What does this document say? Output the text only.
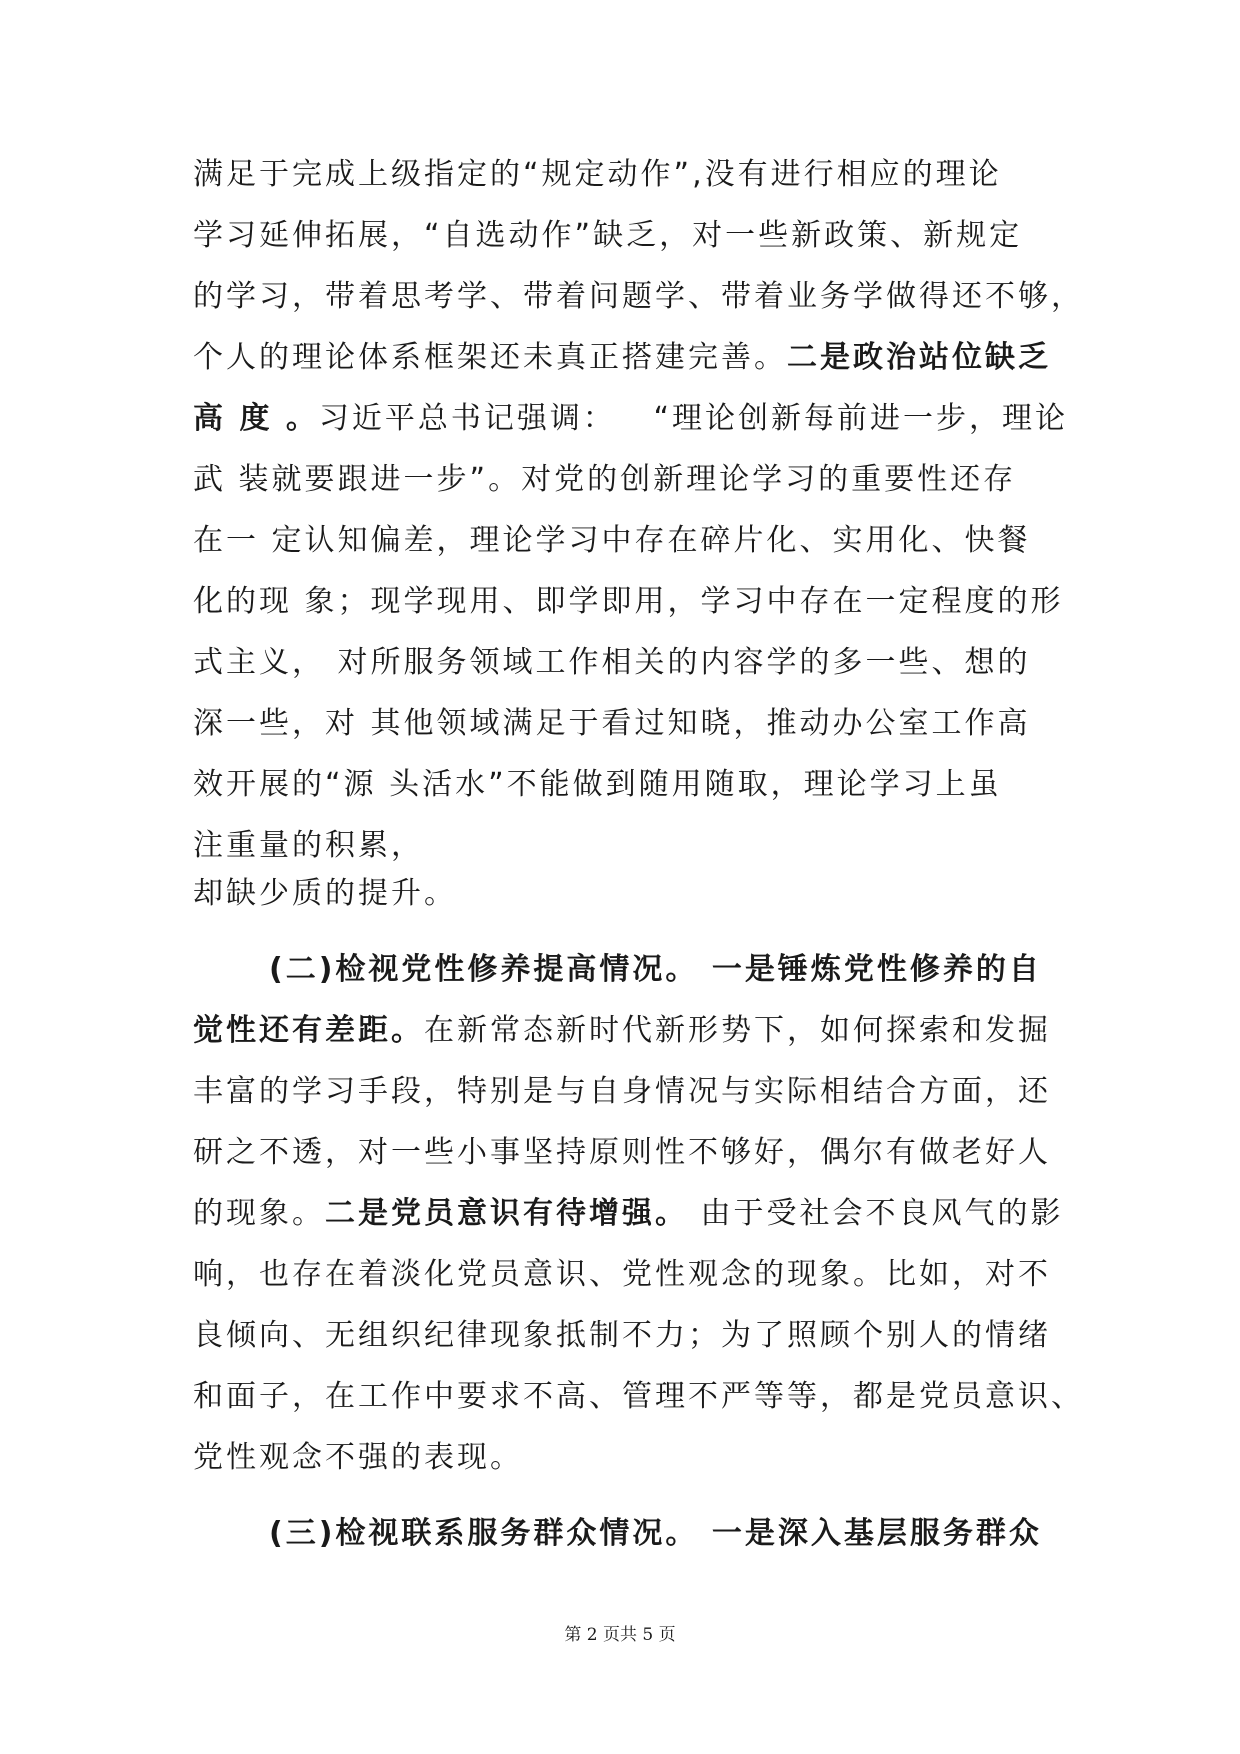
满足于完成上级指定的“规定动作”,没有进行相应的理论
学习延伸拓展，“自选动作”缺乏，对一些新政策、新规定
的学习，带着思考学、带着问题学、带着业务学做得还不够，
个人的理论体系框架还未真正搭建完善。二是政治站位缺乏
高 度 。习近平总书记强调：   “理论创新每前进一步，理论
武 装就要跟进一步”。对党的创新理论学习的重要性还存
在一 定认知偏差，理论学习中存在碎片化、实用化、快餐
化的现 象；现学现用、即学即用，学习中存在一定程度的形
式主义， 对所服务领域工作相关的内容学的多一些、想的
深一些，对 其他领域满足于看过知晓，推动办公室工作高
效开展的“源 头活水”不能做到随用随取，理论学习上虽
注重量的积累，
却缺少质的提升。
(二)检视党性修养提高情况。 一是锤炼党性修养的自
觉性还有差距。在新常态新时代新形势下，如何探索和发掘
丰富的学习手段，特别是与自身情况与实际相结合方面，还
研之不透，对一些小事坚持原则性不够好，偶尔有做老好人
的现象。二是党员意识有待增强。 由于受社会不良风气的影
响，也存在着淡化党员意识、党性观念的现象。比如，对不
良倾向、无组织纪律现象抵制不力；为了照顾个别人的情绪
和面子，在工作中要求不高、管理不严等等，都是党员意识、
党性观念不强的表现。
(三)检视联系服务群众情况。 一是深入基层服务群众
第 2 页共 5 页
